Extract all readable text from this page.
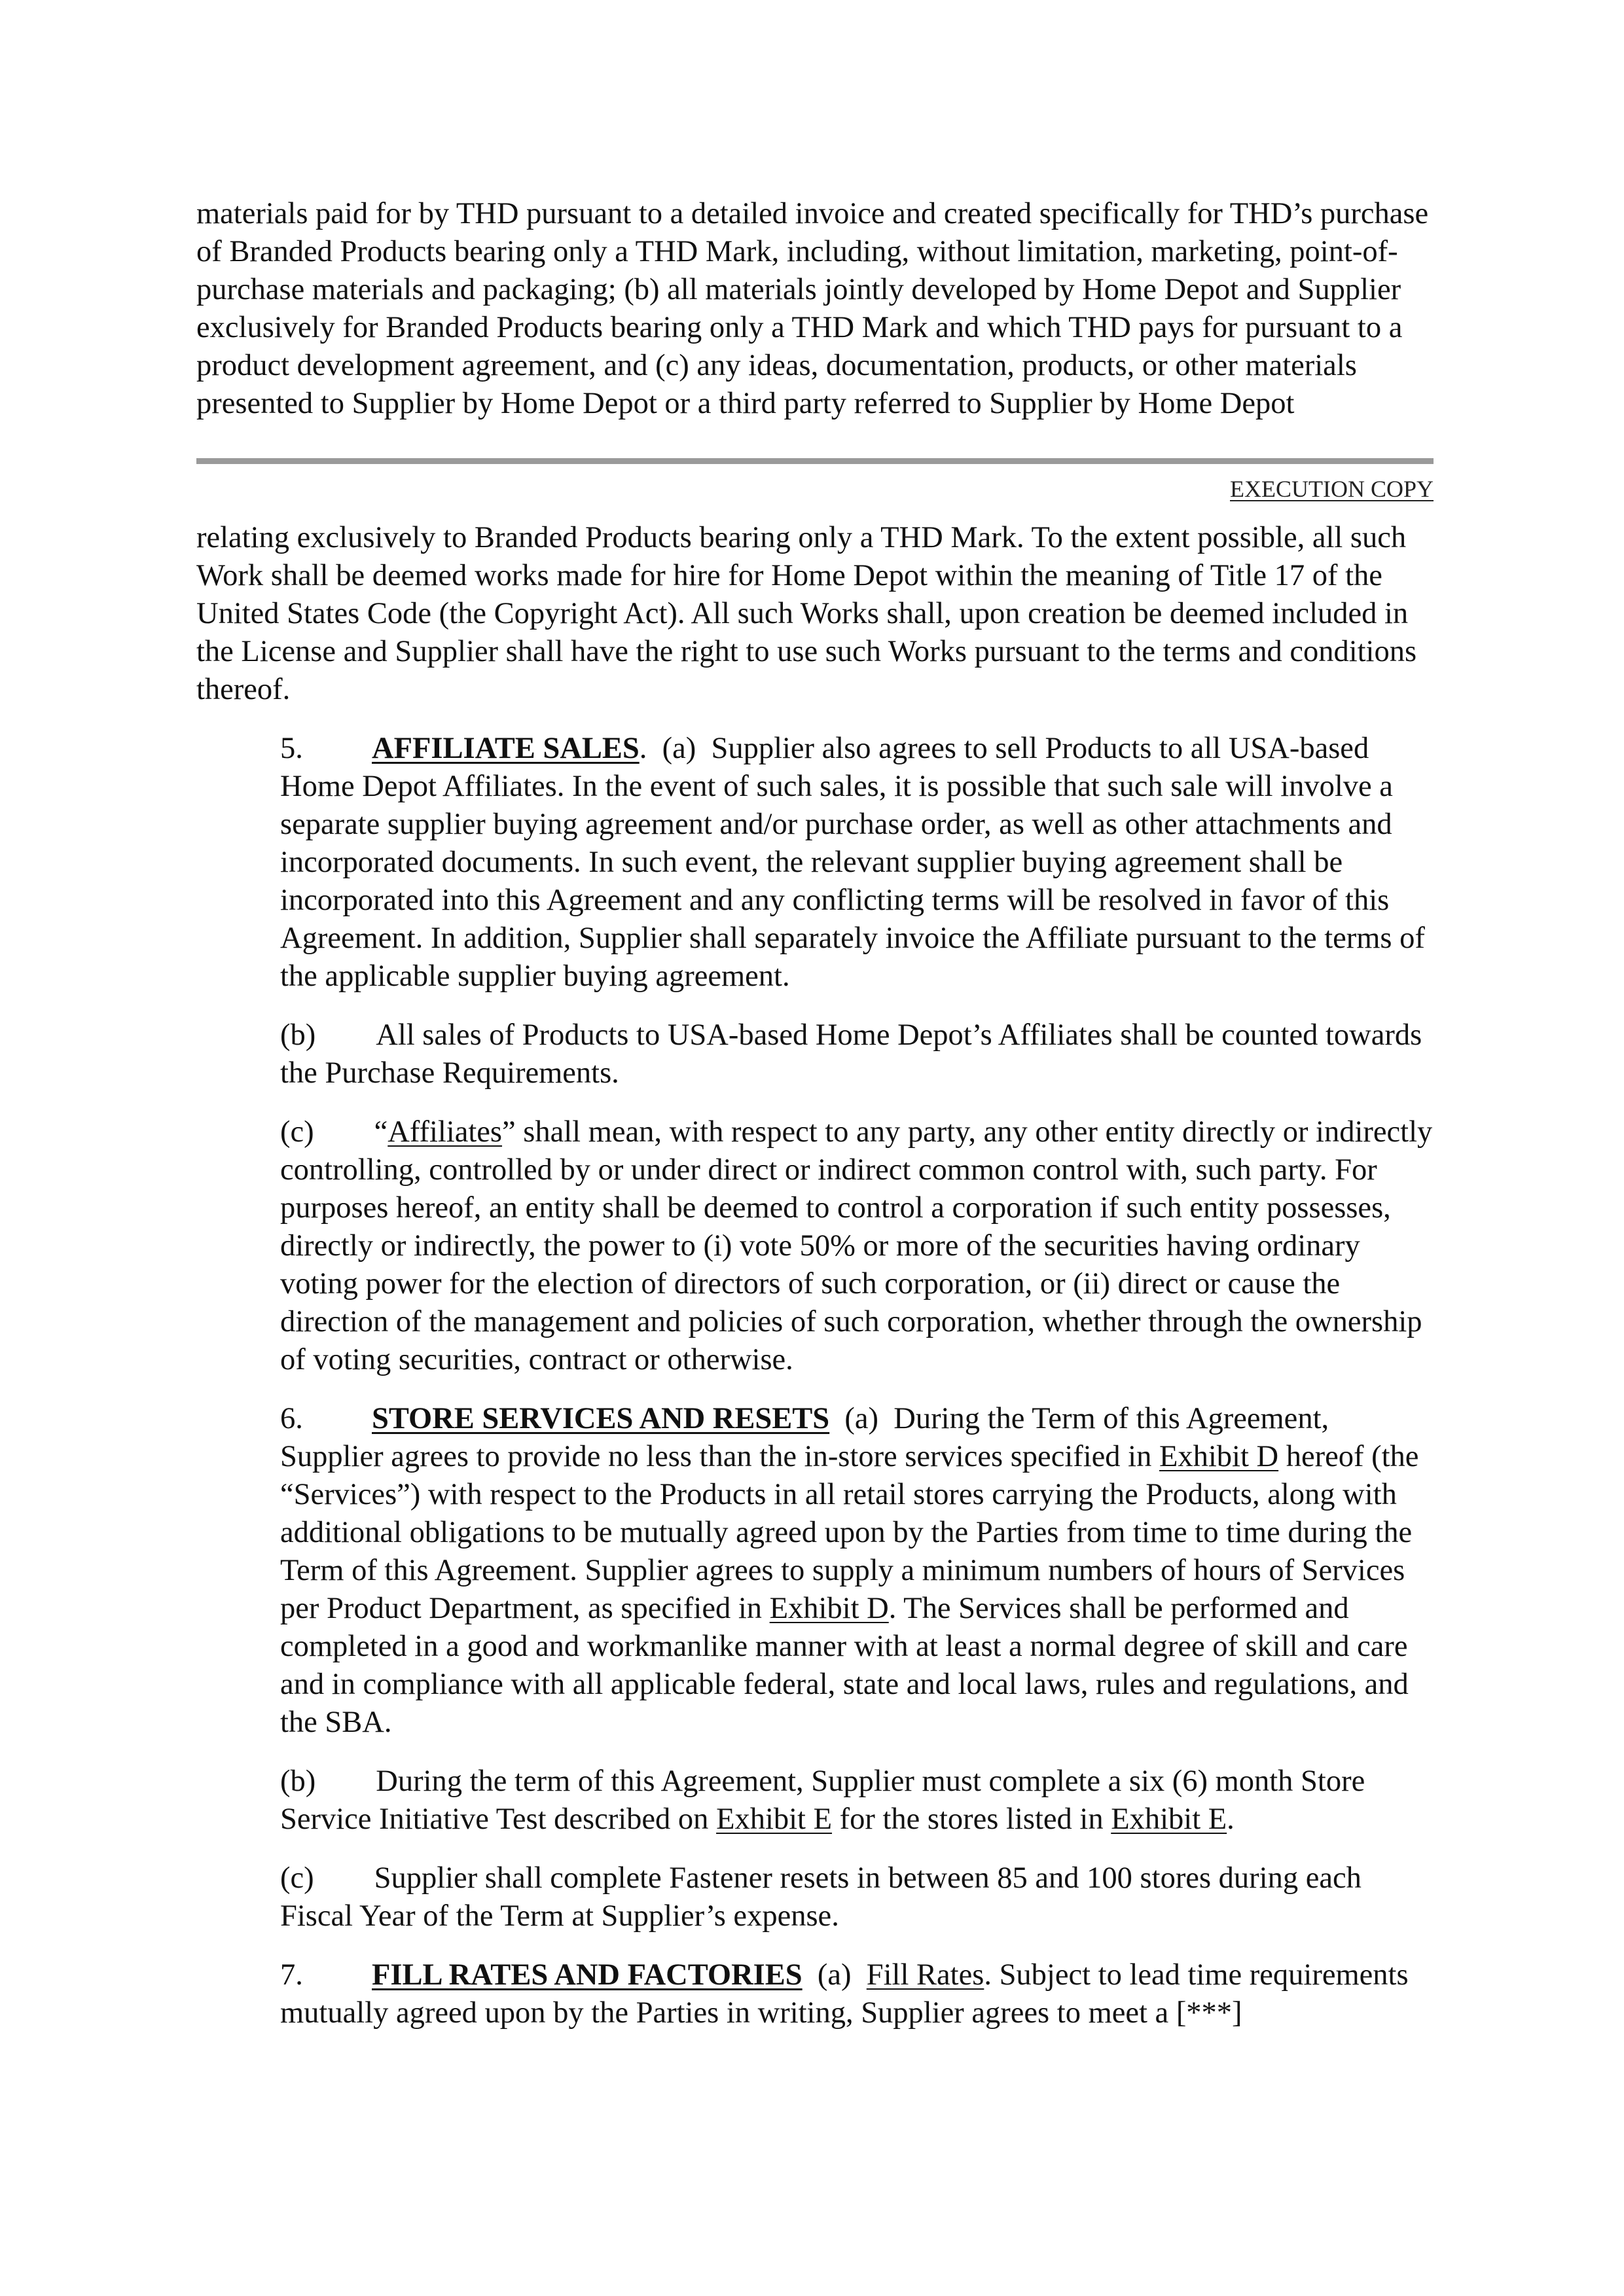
materials paid for by THD pursuant to a detailed invoice and created specifically for THD’s purchase of Branded Products bearing only a THD Mark, including, without limitation, marketing, point-of-purchase materials and packaging; (b) all materials jointly developed by Home Depot and Supplier exclusively for Branded Products bearing only a THD Mark and which THD pays for pursuant to a product development agreement, and (c) any ideas, documentation, products, or other materials presented to Supplier by Home Depot or a third party referred to Supplier by Home Depot

EXECUTION COPY

relating exclusively to Branded Products bearing only a THD Mark. To the extent possible, all such Work shall be deemed works made for hire for Home Depot within the meaning of Title 17 of the United States Code (the Copyright Act). All such Works shall, upon creation be deemed included in the License and Supplier shall have the right to use such Works pursuant to the terms and conditions thereof.

5. AFFILIATE SALES. (a) Supplier also agrees to sell Products to all USA-based Home Depot Affiliates. In the event of such sales, it is possible that such sale will involve a separate supplier buying agreement and/or purchase order, as well as other attachments and incorporated documents. In such event, the relevant supplier buying agreement shall be incorporated into this Agreement and any conflicting terms will be resolved in favor of this Agreement. In addition, Supplier shall separately invoice the Affiliate pursuant to the terms of the applicable supplier buying agreement.

(b) All sales of Products to USA-based Home Depot’s Affiliates shall be counted towards the Purchase Requirements.

(c) “Affiliates” shall mean, with respect to any party, any other entity directly or indirectly controlling, controlled by or under direct or indirect common control with, such party. For purposes hereof, an entity shall be deemed to control a corporation if such entity possesses, directly or indirectly, the power to (i) vote 50% or more of the securities having ordinary voting power for the election of directors of such corporation, or (ii) direct or cause the direction of the management and policies of such corporation, whether through the ownership of voting securities, contract or otherwise.

6. STORE SERVICES AND RESETS (a) During the Term of this Agreement, Supplier agrees to provide no less than the in-store services specified in Exhibit D hereof (the “Services”) with respect to the Products in all retail stores carrying the Products, along with additional obligations to be mutually agreed upon by the Parties from time to time during the Term of this Agreement. Supplier agrees to supply a minimum numbers of hours of Services per Product Department, as specified in Exhibit D. The Services shall be performed and completed in a good and workmanlike manner with at least a normal degree of skill and care and in compliance with all applicable federal, state and local laws, rules and regulations, and the SBA.

(b) During the term of this Agreement, Supplier must complete a six (6) month Store Service Initiative Test described on Exhibit E for the stores listed in Exhibit E.

(c) Supplier shall complete Fastener resets in between 85 and 100 stores during each Fiscal Year of the Term at Supplier’s expense.

7. FILL RATES AND FACTORIES (a) Fill Rates. Subject to lead time requirements mutually agreed upon by the Parties in writing, Supplier agrees to meet a [***]
